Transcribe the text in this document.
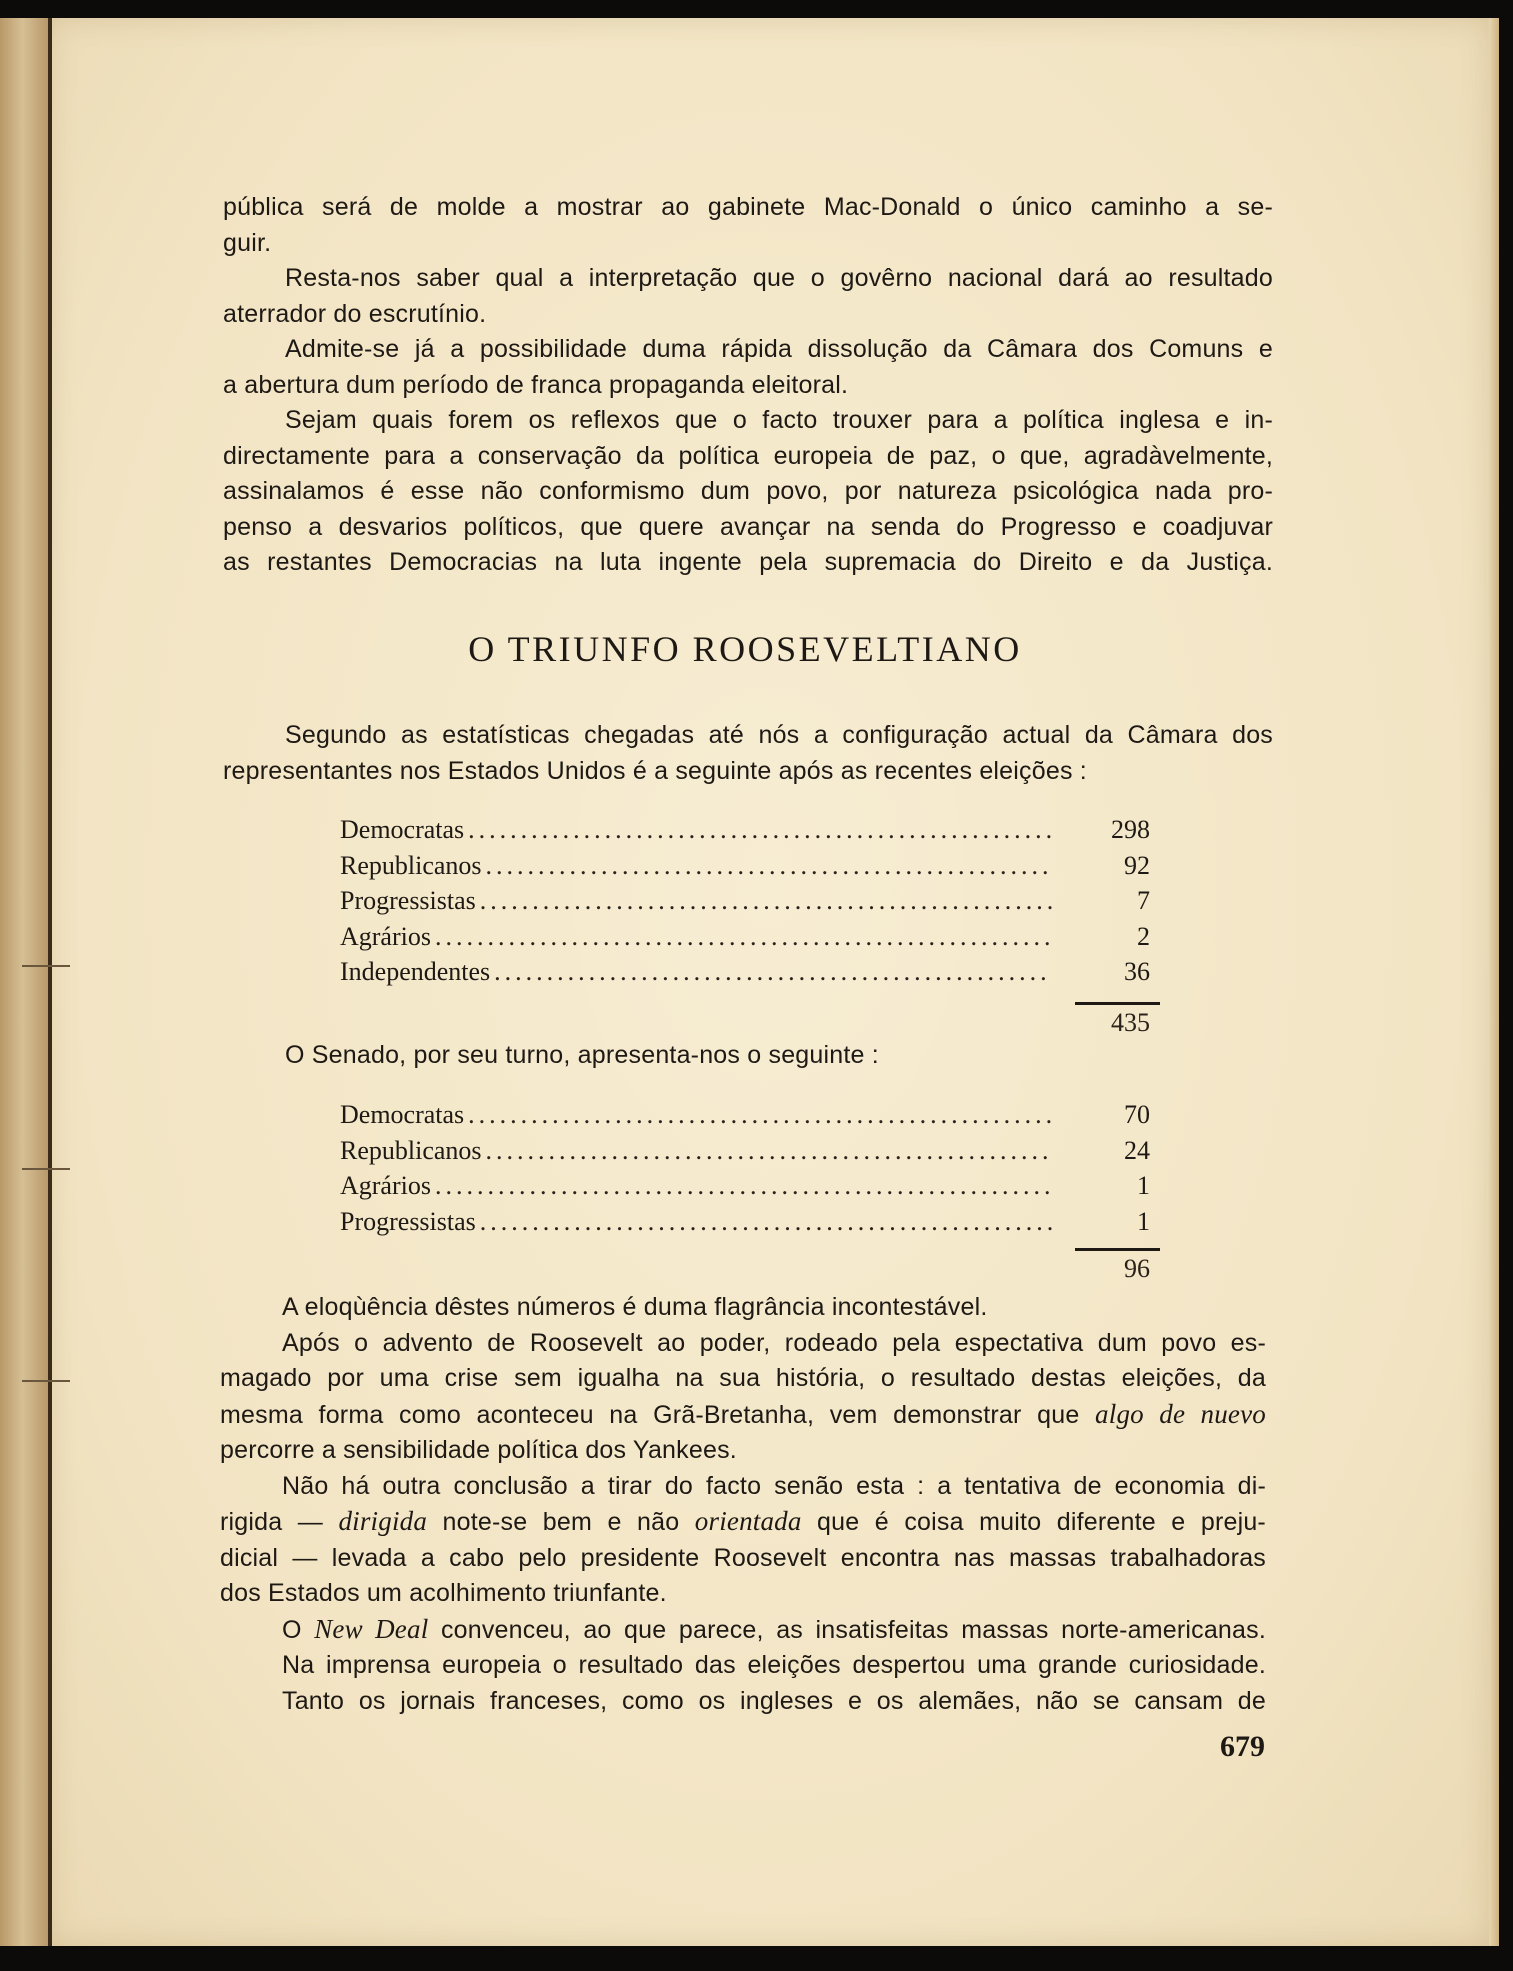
pública será de molde a mostrar ao gabinete Mac-Donald o único caminho a se-

guir.

Resta-nos saber qual a interpretação que o govêrno nacional dará ao resultado

aterrador do escrutínio.

Admite-se já a possibilidade duma rápida dissolução da Câmara dos Comuns e

a abertura dum período de franca propaganda eleitoral.

Sejam quais forem os reflexos que o facto trouxer para a política inglesa e in-

directamente para a conservação da política europeia de paz, o que, agradàvelmente,

assinalamos é esse não conformismo dum povo, por natureza psicológica nada pro-

penso a desvarios políticos, que quere avançar na senda do Progresso e coadjuvar

as restantes Democracias na luta ingente pela supremacia do Direito e da Justiça.

O TRIUNFO ROOSEVELTIANO

Segundo as estatísticas chegadas até nós a configuração actual da Câmara dos

representantes nos Estados Unidos é a seguinte após as recentes eleições :

Democratas .....	298
Republicanos .....	92
Progressistas .....	7
Agrários .....	2
Independentes .....	36
435

O Senado, por seu turno, apresenta-nos o seguinte :

Democratas .....	70
Republicanos .....	24
Agrários .....	1
Progressistas .....	1
96

A eloqùência dêstes números é duma flagrância incontestável.

Após o advento de Roosevelt ao poder, rodeado pela espectativa dum povo es-

magado por uma crise sem igualha na sua história, o resultado destas eleições, da

mesma forma como aconteceu na Grã-Bretanha, vem demonstrar que algo de nuevo

percorre a sensibilidade política dos Yankees.

Não há outra conclusão a tirar do facto senão esta : a tentativa de economia di-

rigida — dirigida note-se bem e não orientada que é coisa muito diferente e preju-

dicial — levada a cabo pelo presidente Roosevelt encontra nas massas trabalhadoras

dos Estados um acolhimento triunfante.

O New Deal convenceu, ao que parece, as insatisfeitas massas norte-americanas.

Na imprensa europeia o resultado das eleições despertou uma grande curiosidade.

Tanto os jornais franceses, como os ingleses e os alemães, não se cansam de

679
